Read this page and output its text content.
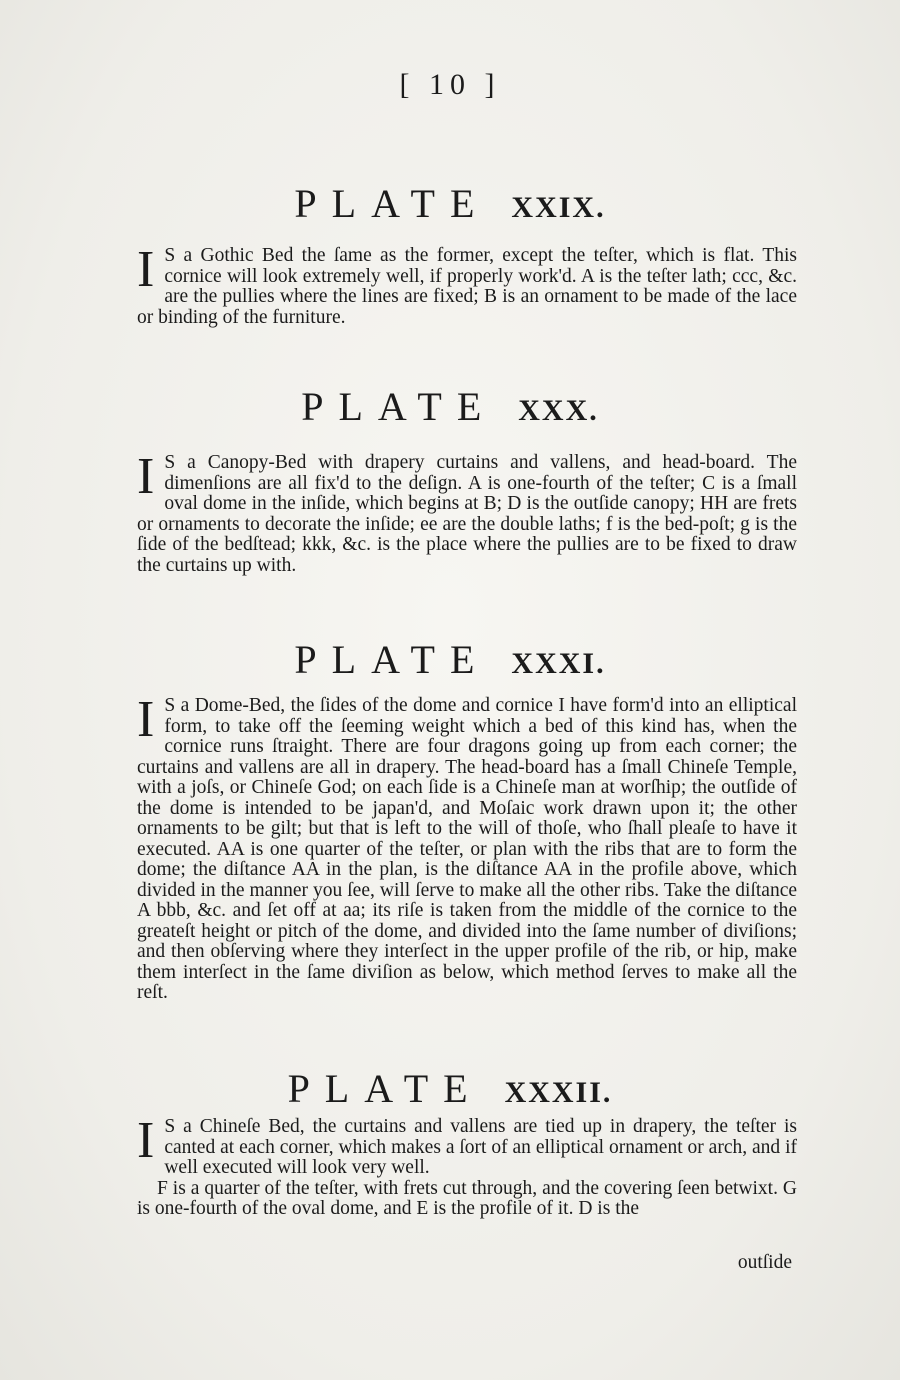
[ 10 ]
PLATE XXIX.
I S a Gothic Bed the ſame as the former, except the teſter, which is flat. This cornice will look extremely well, if properly work'd. A is the teſter lath; ccc, &c. are the pullies where the lines are fixed; B is an ornament to be made of the lace or binding of the furniture.
PLATE XXX.
I S a Canopy-Bed with drapery curtains and vallens, and head-board. The dimenſions are all fix'd to the deſign. A is one-fourth of the teſter; C is a ſmall oval dome in the inſide, which begins at B; D is the outſide canopy; HH are frets or ornaments to decorate the inſide; ee are the double laths; f is the bed-poſt; g is the ſide of the bedſtead; kkk, &c. is the place where the pullies are to be fixed to draw the curtains up with.
PLATE XXXI.
I S a Dome-Bed, the ſides of the dome and cornice I have form'd into an elliptical form, to take off the ſeeming weight which a bed of this kind has, when the cornice runs ſtraight. There are four dragons going up from each corner; the curtains and vallens are all in drapery. The head-board has a ſmall Chineſe Temple, with a joſs, or Chineſe God; on each ſide is a Chineſe man at worſhip; the outſide of the dome is intended to be japan'd, and Moſaic work drawn upon it; the other ornaments to be gilt; but that is left to the will of thoſe, who ſhall pleaſe to have it executed. AA is one quarter of the teſter, or plan with the ribs that are to form the dome; the diſtance AA in the plan, is the diſtance AA in the profile above, which divided in the manner you ſee, will ſerve to make all the other ribs. Take the diſtance A bbb, &c. and ſet off at aa; its riſe is taken from the middle of the cornice to the greateſt height or pitch of the dome, and divided into the ſame number of diviſions; and then obſerving where they interſect in the upper profile of the rib, or hip, make them interſect in the ſame diviſion as below, which method ſerves to make all the reſt.
PLATE XXXII.
I S a Chineſe Bed, the curtains and vallens are tied up in drapery, the teſter is canted at each corner, which makes a ſort of an elliptical ornament or arch, and if well executed will look very well.
F is a quarter of the teſter, with frets cut through, and the covering ſeen betwixt. G is one-fourth of the oval dome, and E is the profile of it. D is the
outſide
